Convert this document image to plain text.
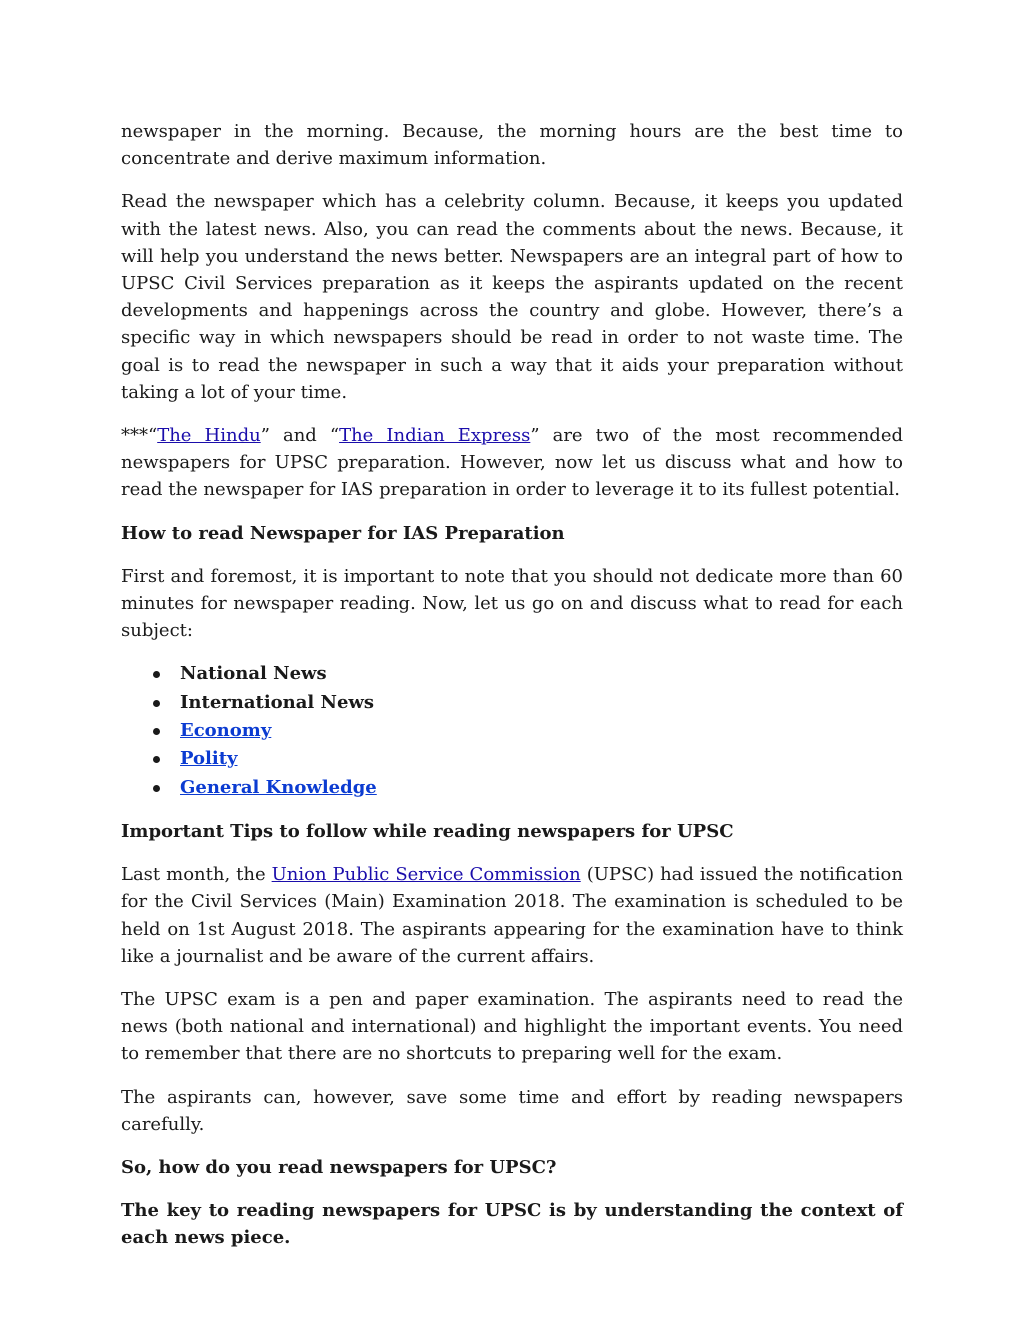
newspaper in the morning. Because, the morning hours are the best time to concentrate and derive maximum information.

Read the newspaper which has a celebrity column. Because, it keeps you updated with the latest news. Also, you can read the comments about the news. Because, it will help you understand the news better. Newspapers are an integral part of how to UPSC Civil Services preparation as it keeps the aspirants updated on the recent developments and happenings across the country and globe. However, there’s a specific way in which newspapers should be read in order to not waste time. The goal is to read the newspaper in such a way that it aids your preparation without taking a lot of your time.

***“The Hindu” and “The Indian Express” are two of the most recommended newspapers for UPSC preparation. However, now let us discuss what and how to read the newspaper for IAS preparation in order to leverage it to its fullest potential.

How to read Newspaper for IAS Preparation

First and foremost, it is important to note that you should not dedicate more than 60 minutes for newspaper reading. Now, let us go on and discuss what to read for each subject:

National News
International News
Economy
Polity
General Knowledge

Important Tips to follow while reading newspapers for UPSC

Last month, the Union Public Service Commission (UPSC) had issued the notification for the Civil Services (Main) Examination 2018. The examination is scheduled to be held on 1st August 2018. The aspirants appearing for the examination have to think like a journalist and be aware of the current affairs.

The UPSC exam is a pen and paper examination. The aspirants need to read the news (both national and international) and highlight the important events. You need to remember that there are no shortcuts to preparing well for the exam.

The aspirants can, however, save some time and effort by reading newspapers carefully.

So, how do you read newspapers for UPSC?

The key to reading newspapers for UPSC is by understanding the context of each news piece.
